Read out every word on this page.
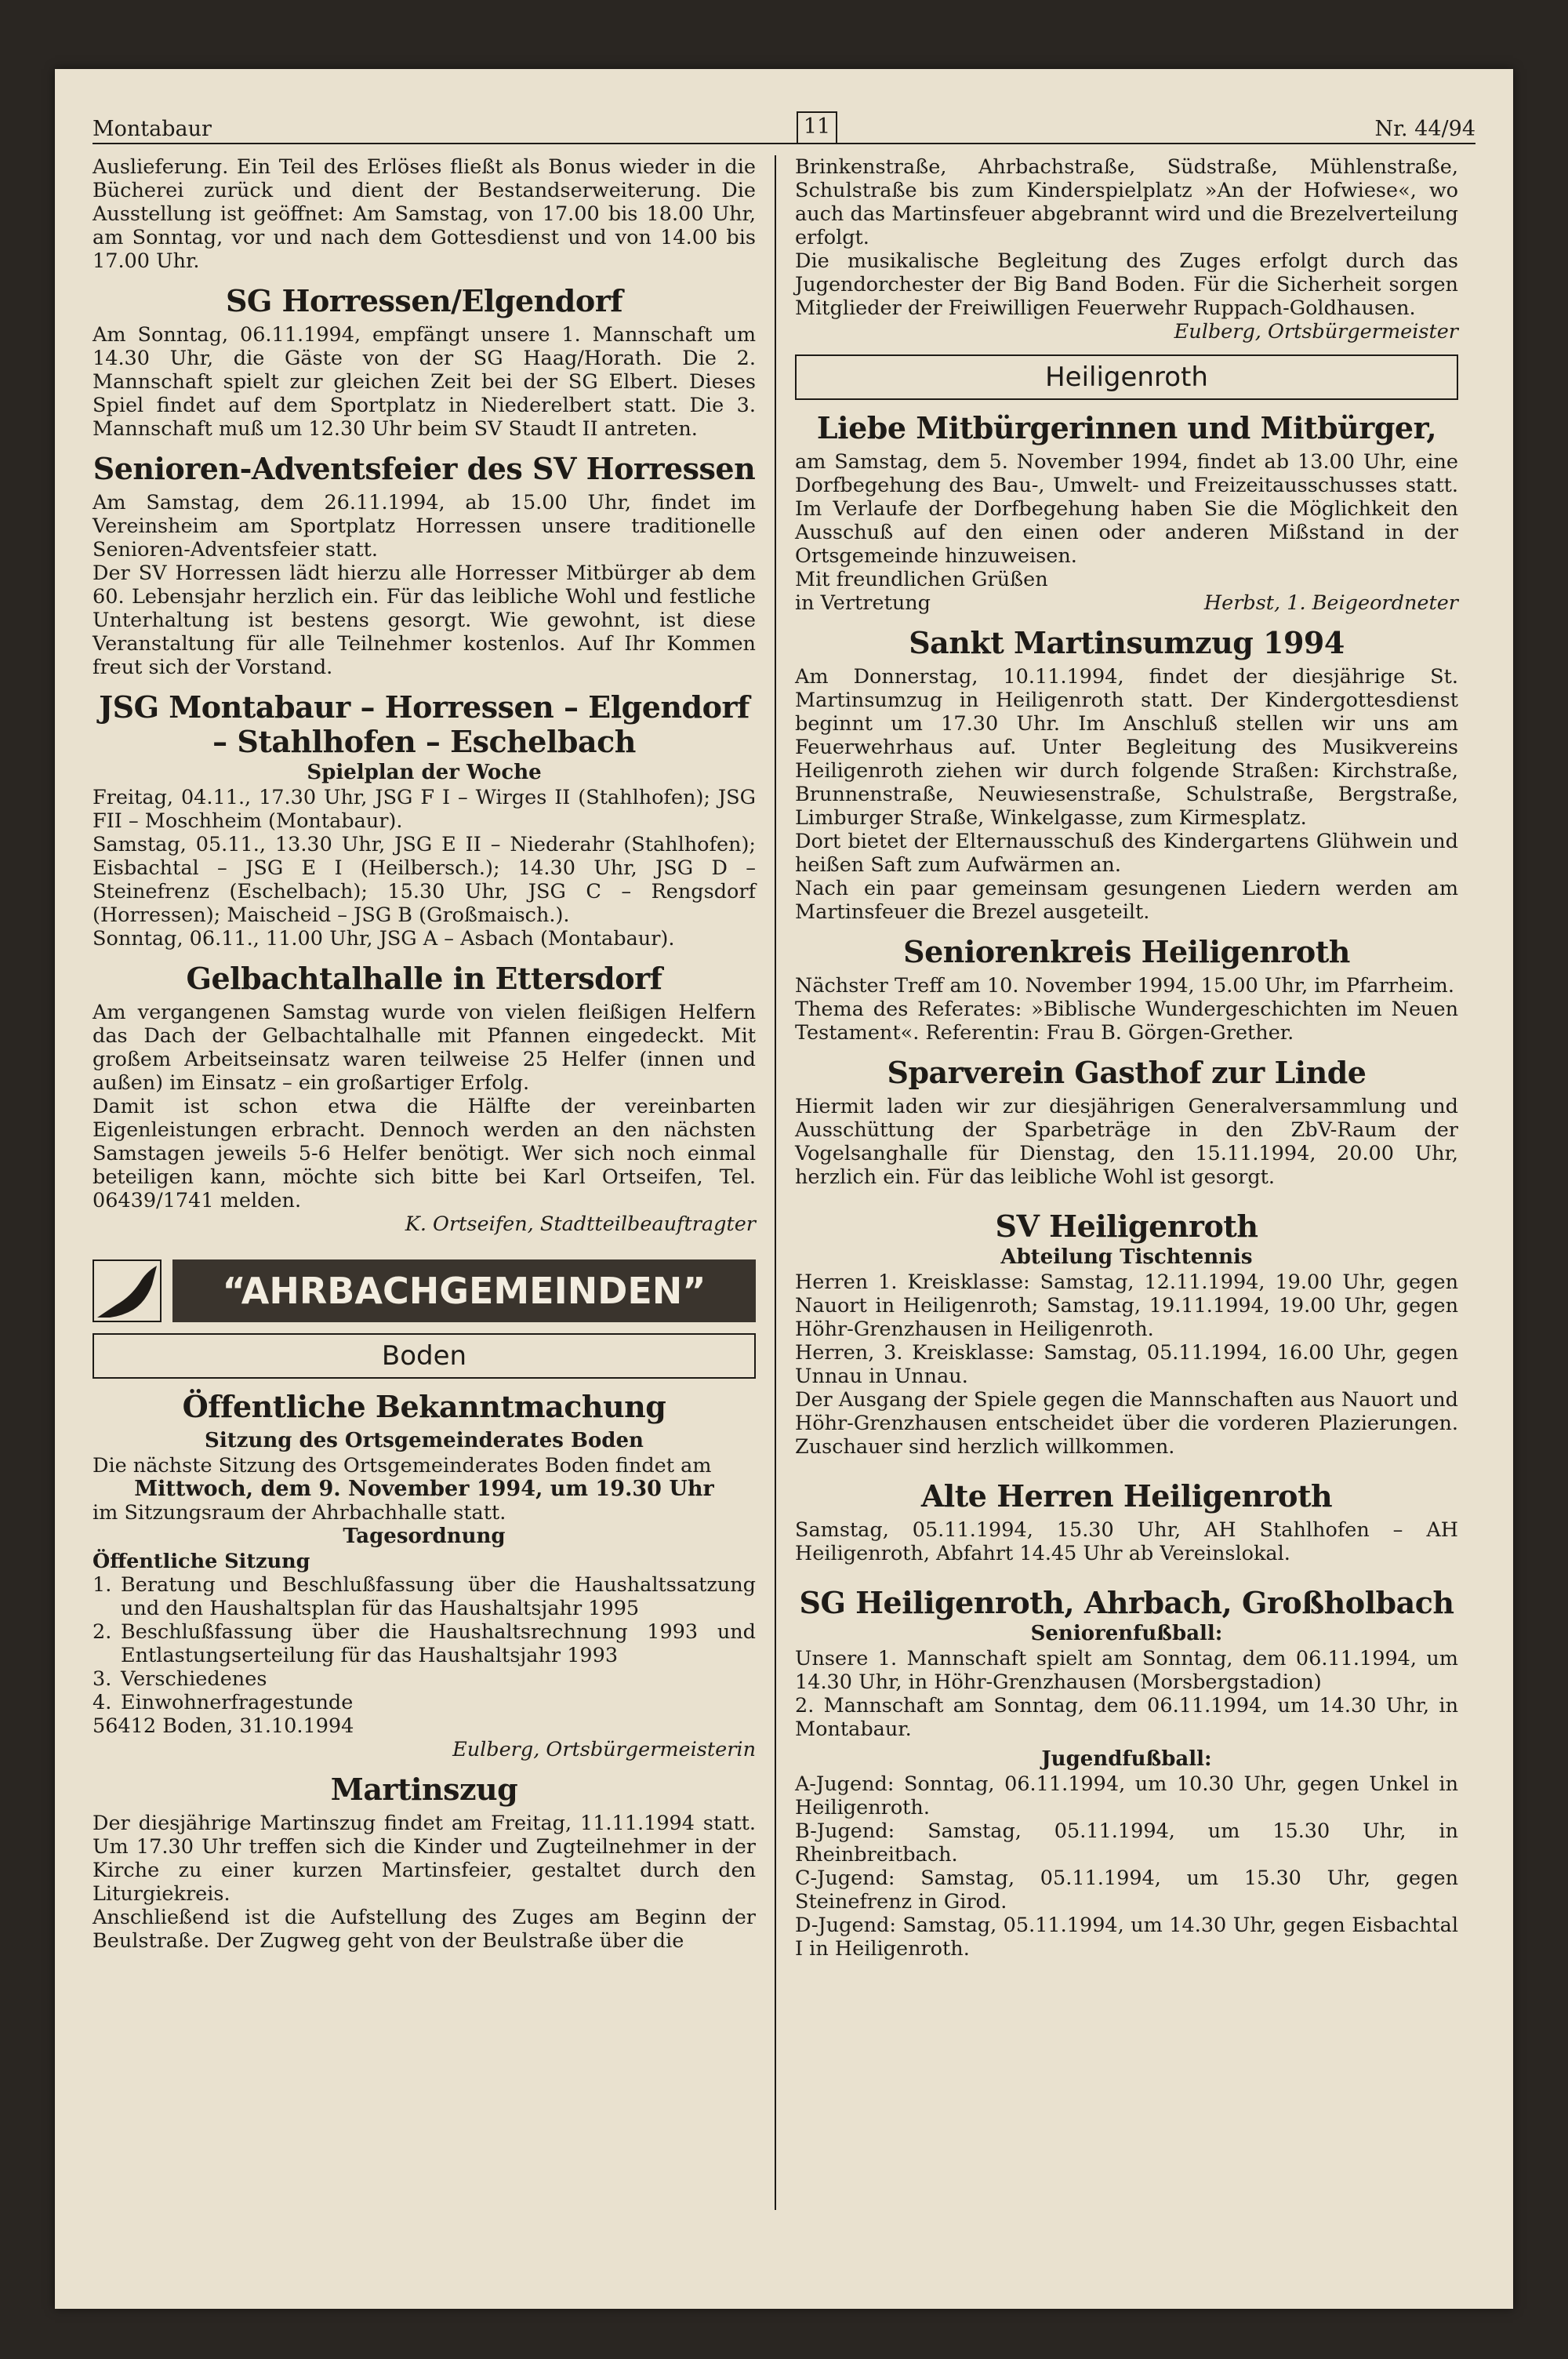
Montabaur	11	Nr. 44/94

Auslieferung. Ein Teil des Erlöses fließt als Bonus wieder in die Bücherei zurück und dient der Bestandserweiterung. Die Ausstellung ist geöffnet: Am Samstag, von 17.00 bis 18.00 Uhr, am Sonntag, vor und nach dem Gottesdienst und von 14.00 bis 17.00 Uhr.

SG Horressen/Elgendorf

Am Sonntag, 06.11.1994, empfängt unsere 1. Mannschaft um 14.30 Uhr, die Gäste von der SG Haag/Horath. Die 2. Mannschaft spielt zur gleichen Zeit bei der SG Elbert. Dieses Spiel findet auf dem Sportplatz in Niederelbert statt. Die 3. Mannschaft muß um 12.30 Uhr beim SV Staudt II antreten.

Senioren-Adventsfeier des SV Horressen

Am Samstag, dem 26.11.1994, ab 15.00 Uhr, findet im Vereinsheim am Sportplatz Horressen unsere traditionelle Senioren-Adventsfeier statt.

Der SV Horressen lädt hierzu alle Horresser Mitbürger ab dem 60. Lebensjahr herzlich ein. Für das leibliche Wohl und festliche Unterhaltung ist bestens gesorgt. Wie gewohnt, ist diese Veranstaltung für alle Teilnehmer kostenlos. Auf Ihr Kommen freut sich der Vorstand.

JSG Montabaur – Horressen – Elgendorf
– Stahlhofen – Eschelbach
Spielplan der Woche

Freitag, 04.11., 17.30 Uhr, JSG F I – Wirges II (Stahlhofen); JSG FII – Moschheim (Montabaur).

Samstag, 05.11., 13.30 Uhr, JSG E II – Niederahr (Stahlhofen); Eisbachtal – JSG E I (Heilbersch.); 14.30 Uhr, JSG D – Steinefrenz (Eschelbach); 15.30 Uhr, JSG C – Rengsdorf (Horressen); Maischeid – JSG B (Großmaisch.).

Sonntag, 06.11., 11.00 Uhr, JSG A – Asbach (Montabaur).

Gelbachtalhalle in Ettersdorf

Am vergangenen Samstag wurde von vielen fleißigen Helfern das Dach der Gelbachtalhalle mit Pfannen eingedeckt. Mit großem Arbeitseinsatz waren teilweise 25 Helfer (innen und außen) im Einsatz – ein großartiger Erfolg.

Damit ist schon etwa die Hälfte der vereinbarten Eigenleistungen erbracht. Dennoch werden an den nächsten Samstagen jeweils 5-6 Helfer benötigt. Wer sich noch einmal beteiligen kann, möchte sich bitte bei Karl Ortseifen, Tel. 06439/1741 melden.

K. Ortseifen, Stadtteilbeauftragter

“AHRBACHGEMEINDEN”
Boden
Öffentliche Bekanntmachung
Sitzung des Ortsgemeinderates Boden

Die nächste Sitzung des Ortsgemeinderates Boden findet am

Mittwoch, dem 9. November 1994, um 19.30 Uhr

im Sitzungsraum der Ahrbachhalle statt.

Tagesordnung
Öffentliche Sitzung
1. Beratung und Beschlußfassung über die Haushaltssatzung und den Haushaltsplan für das Haushaltsjahr 1995
2. Beschlußfassung über die Haushaltsrechnung 1993 und Entlastungserteilung für das Haushaltsjahr 1993
3. Verschiedenes
4. Einwohnerfragestunde

56412 Boden, 31.10.1994

Eulberg, Ortsbürgermeisterin

Martinszug

Der diesjährige Martinszug findet am Freitag, 11.11.1994 statt. Um 17.30 Uhr treffen sich die Kinder und Zugteilnehmer in der Kirche zu einer kurzen Martinsfeier, gestaltet durch den Liturgiekreis.

Anschließend ist die Aufstellung des Zuges am Beginn der Beulstraße. Der Zugweg geht von der Beulstraße über die

Brinkenstraße, Ahrbachstraße, Südstraße, Mühlenstraße, Schulstraße bis zum Kinderspielplatz »An der Hofwiese«, wo auch das Martinsfeuer abgebrannt wird und die Brezelverteilung erfolgt.

Die musikalische Begleitung des Zuges erfolgt durch das Jugendorchester der Big Band Boden. Für die Sicherheit sorgen Mitglieder der Freiwilligen Feuerwehr Ruppach-Goldhausen.

Eulberg, Ortsbürgermeister

Heiligenroth
Liebe Mitbürgerinnen und Mitbürger,

am Samstag, dem 5. November 1994, findet ab 13.00 Uhr, eine Dorfbegehung des Bau-, Umwelt- und Freizeitausschusses statt. Im Verlaufe der Dorfbegehung haben Sie die Möglichkeit den Ausschuß auf den einen oder anderen Mißstand in der Ortsgemeinde hinzuweisen.

Mit freundlichen Grüßen

in Vertretung	Herbst, 1. Beigeordneter
Sankt Martinsumzug 1994

Am Donnerstag, 10.11.1994, findet der diesjährige St. Martinsumzug in Heiligenroth statt. Der Kindergottesdienst beginnt um 17.30 Uhr. Im Anschluß stellen wir uns am Feuerwehrhaus auf. Unter Begleitung des Musikvereins Heiligenroth ziehen wir durch folgende Straßen: Kirchstraße, Brunnenstraße, Neuwiesenstraße, Schulstraße, Bergstraße, Limburger Straße, Winkelgasse, zum Kirmesplatz.

Dort bietet der Elternausschuß des Kindergartens Glühwein und heißen Saft zum Aufwärmen an.

Nach ein paar gemeinsam gesungenen Liedern werden am Martinsfeuer die Brezel ausgeteilt.

Seniorenkreis Heiligenroth

Nächster Treff am 10. November 1994, 15.00 Uhr, im Pfarrheim.

Thema des Referates: »Biblische Wundergeschichten im Neuen Testament«. Referentin: Frau B. Görgen-Grether.

Sparverein Gasthof zur Linde

Hiermit laden wir zur diesjährigen Generalversammlung und Ausschüttung der Sparbeträge in den ZbV-Raum der Vogelsanghalle für Dienstag, den 15.11.1994, 20.00 Uhr, herzlich ein. Für das leibliche Wohl ist gesorgt.

SV Heiligenroth
Abteilung Tischtennis

Herren 1. Kreisklasse: Samstag, 12.11.1994, 19.00 Uhr, gegen Nauort in Heiligenroth; Samstag, 19.11.1994, 19.00 Uhr, gegen Höhr-Grenzhausen in Heiligenroth.

Herren, 3. Kreisklasse: Samstag, 05.11.1994, 16.00 Uhr, gegen Unnau in Unnau.

Der Ausgang der Spiele gegen die Mannschaften aus Nauort und Höhr-Grenzhausen entscheidet über die vorderen Plazierungen. Zuschauer sind herzlich willkommen.

Alte Herren Heiligenroth

Samstag, 05.11.1994, 15.30 Uhr, AH Stahlhofen – AH Heiligenroth, Abfahrt 14.45 Uhr ab Vereinslokal.

SG Heiligenroth, Ahrbach, Großholbach
Seniorenfußball:

Unsere 1. Mannschaft spielt am Sonntag, dem 06.11.1994, um 14.30 Uhr, in Höhr-Grenzhausen (Morsbergstadion)

2. Mannschaft am Sonntag, dem 06.11.1994, um 14.30 Uhr, in Montabaur.

Jugendfußball:

A-Jugend: Sonntag, 06.11.1994, um 10.30 Uhr, gegen Unkel in Heiligenroth.

B-Jugend: Samstag, 05.11.1994, um 15.30 Uhr, in Rheinbreitbach.

C-Jugend: Samstag, 05.11.1994, um 15.30 Uhr, gegen Steinefrenz in Girod.

D-Jugend: Samstag, 05.11.1994, um 14.30 Uhr, gegen Eisbachtal I in Heiligenroth.
